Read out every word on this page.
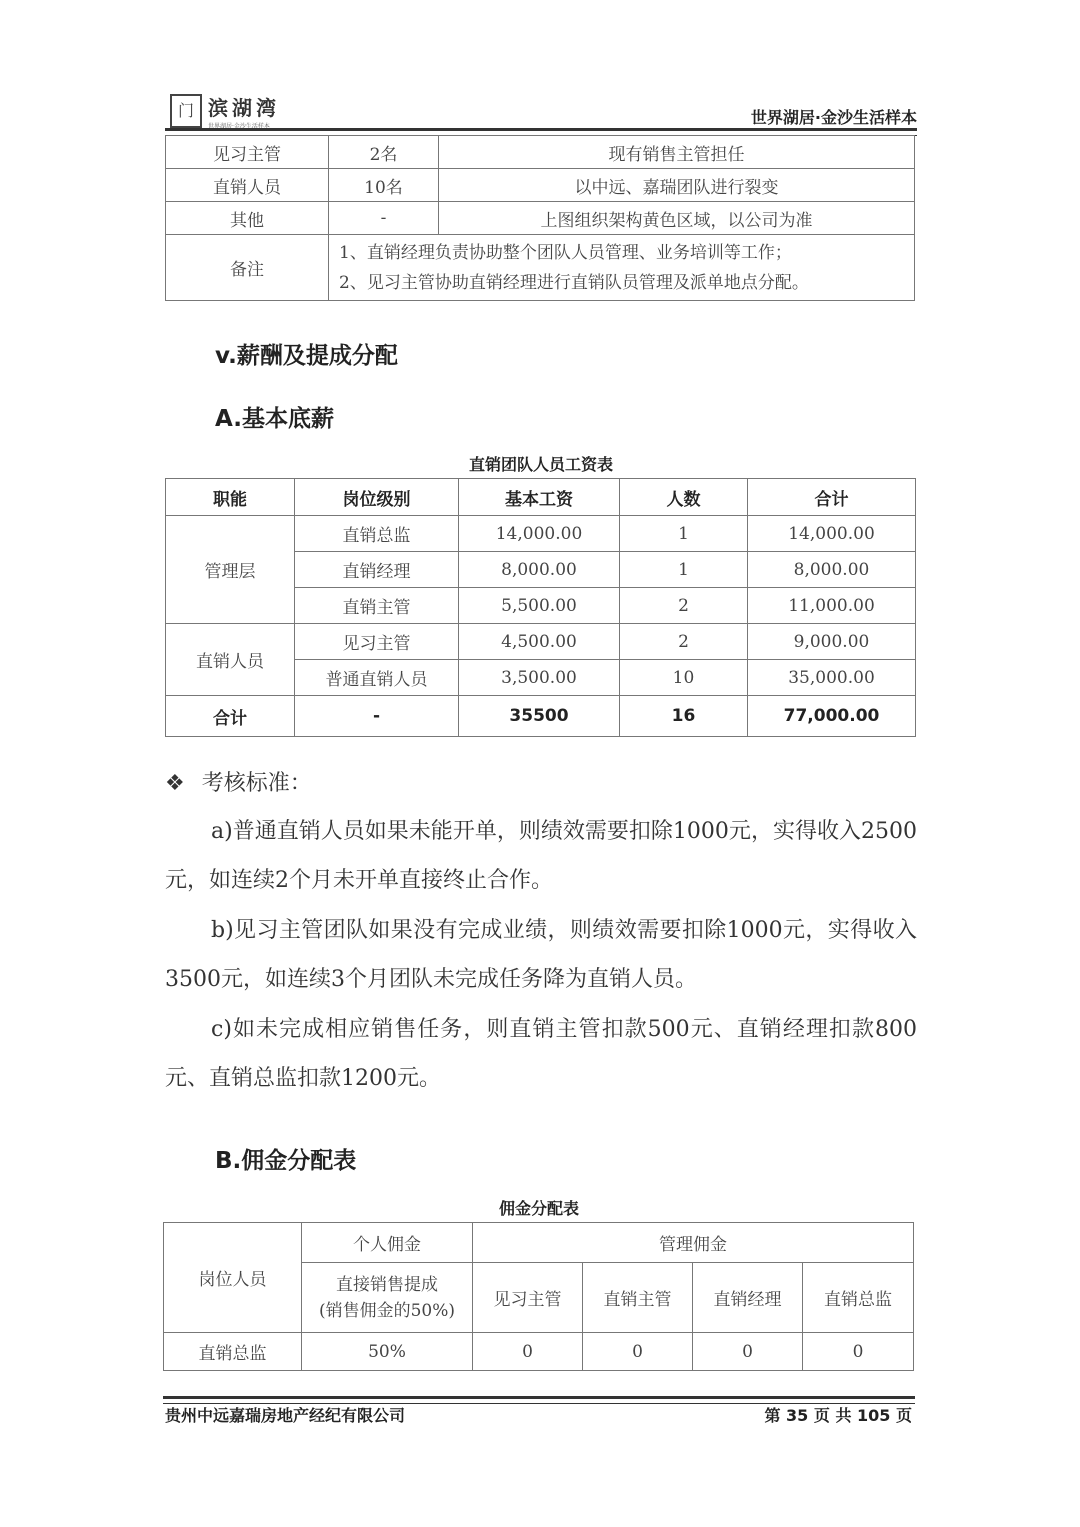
门 滨湖湾
世界湖居·金沙生活样本	世界湖居·金沙生活样本
见习主管	2名	现有销售主管担任
直销人员	10名	以中远、嘉瑞团队进行裂变
其他	-	上图组织架构黄色区域，以公司为准
备注	1、直销经理负责协助整个团队人员管理、业务培训等工作；
2、见习主管协助直销经理进行直销队员管理及派单地点分配。	
v.薪酬及提成分配
A.基本底薪
直销团队人员工资表
职能	岗位级别	基本工资	人数	合计
管理层	直销总监	14,000.00	1	14,000.00
	直销经理	8,000.00	1	8,000.00
	直销主管	5,500.00	2	11,000.00
直销人员	见习主管	4,500.00	2	9,000.00
	普通直销人员	3,500.00	10	35,000.00
合计	-	35500	16	77,000.00
❖ 考核标准：
a)普通直销人员如果未能开单，则绩效需要扣除1000元，实得收入2500元，如连续2个月未开单直接终止合作。
b)见习主管团队如果没有完成业绩，则绩效需要扣除1000元，实得收入3500元，如连续3个月团队未完成任务降为直销人员。
c)如未完成相应销售任务，则直销主管扣款500元、直销经理扣款800元、直销总监扣款1200元。
B.佣金分配表
佣金分配表
岗位人员	个人佣金	管理佣金			

	直接销售提成
(销售佣金的50%)	见习主管	直销主管	直销经理	直销总监
直销总监	50%	0	0	0	0
贵州中远嘉瑞房地产经纪有限公司	第 35 页 共 105 页
